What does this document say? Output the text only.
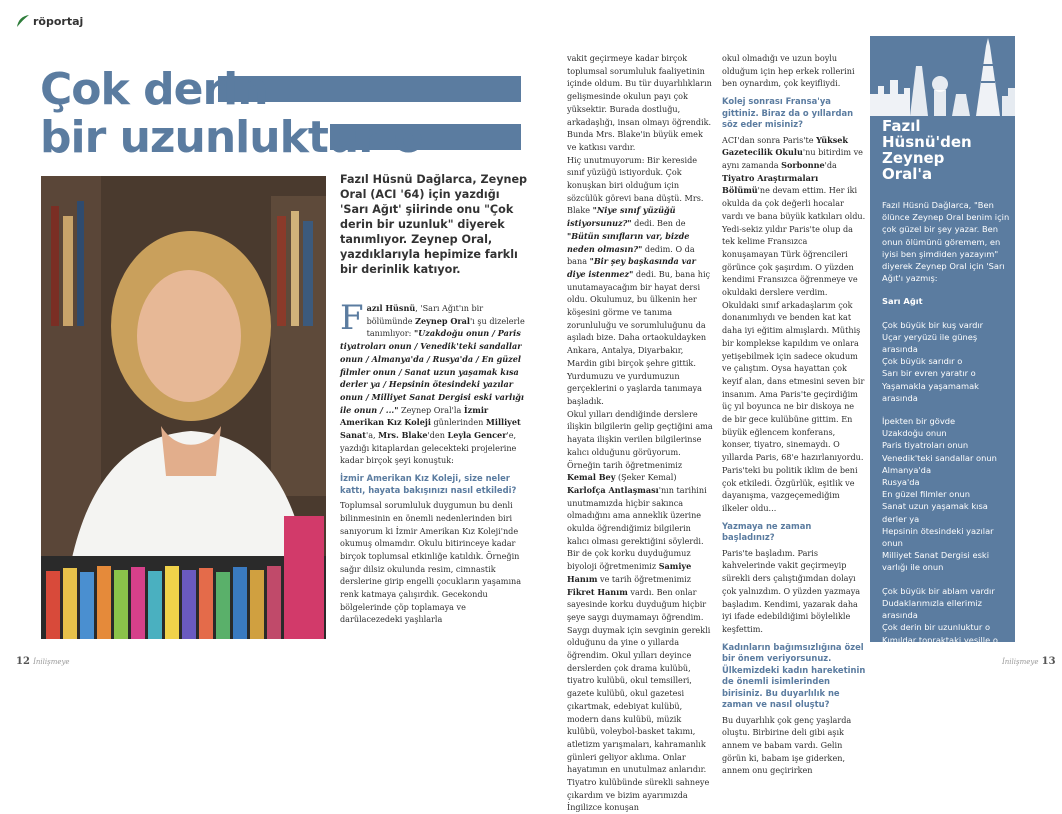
röportaj
Çok derin
bir uzunluktur o
Fazıl Hüsnü Dağlarca, Zeynep Oral (ACI '64) için yazdığı 'Sarı Ağıt' şiirinde onu "Çok derin bir uzunluk" diyerek tanımlıyor. Zeynep Oral, yazdıklarıyla hepimize farklı bir derinlik katıyor.

Fazıl Hüsnü, 'Sarı Ağıt'ın bir bölümünde Zeynep Oral'ı şu dizelerle tanımlıyor: "Uzakdoğu onun / Paris tiyatroları onun / Venedik'teki sandallar onun / Almanya'da / Rusya'da / En güzel filmler onun / Sanat uzun yaşamak kısa derler ya / Hepsinin ötesindeki yazılar onun / Milliyet Sanat Dergisi eski varlığı ile onun / ..." Zeynep Oral'la İzmir Amerikan Kız Koleji günlerinden Milliyet Sanat'a, Mrs. Blake'den Leyla Gencer'e, yazdığı kitaplardan gelecekteki projelerine kadar birçok şeyi konuştuk:

İzmir Amerikan Kız Koleji, size neler kattı, hayata bakışınızı nasıl etkiledi?

Toplumsal sorumluluk duygumun bu denli bilinmesinin en önemli nedenlerinden biri sanıyorum ki İzmir Amerikan Kız Koleji'nde okumuş olmamdır. Okulu bitirinceye kadar birçok toplumsal etkinliğe katıldık. Örneğin sağır dilsiz okulunda resim, cimnastik derslerine girip engelli çocukların yaşamına renk katmaya çalışırdık. Gecekondu bölgelerinde çöp toplamaya ve darülacezedeki yaşlılarla

vakit geçirmeye kadar birçok toplumsal sorumluluk faaliyetinin içinde oldum. Bu tür duyarlılıkların gelişmesinde okulun payı çok yüksektir. Burada dostluğu, arkadaşlığı, insan olmayı öğrendik. Bunda Mrs. Blake'in büyük emek ve katkısı vardır.

Hiç unutmuyorum: Bir kereside sınıf yüzüğü istiyorduk. Çok konuşkan biri olduğum için sözcülük görevi bana düştü. Mrs. Blake "Niye sınıf yüzüğü istiyorsunuz?" dedi. Ben de "Bütün sınıfların var, bizde neden olmasın?" dedim. O da bana "Bir şey başkasında var diye istenmez" dedi. Bu, bana hiç unutamayacağım bir hayat dersi oldu. Okulumuz, bu ülkenin her köşesini görme ve tanıma zorunluluğu ve sorumluluğunu da aşıladı bize. Daha ortaokuldayken Ankara, Antalya, Diyarbakır, Mardin gibi birçok şehre gittik. Yurdumuzu ve yurdumuzun gerçeklerini o yaşlarda tanımaya başladık.

Okul yılları dendiğinde derslere ilişkin bilgilerin gelip geçtiğini ama hayata ilişkin verilen bilgilerinse kalıcı olduğunu görüyorum. Örneğin tarih öğretmenimiz Kemal Bey (Şeker Kemal) Karlofça Antlaşması'nın tarihini unutmamızda hiçbir sakınca olmadığını ama anneklik üzerine okulda öğrendiğimiz bilgilerin kalıcı olması gerektiğini söylerdi. Bir de çok korku duyduğumuz biyoloji öğretmenimiz Samiye Hanım ve tarih öğretmenimiz Fikret Hanım vardı. Ben onlar sayesinde korku duyduğum hiçbir şeye saygı duymamayı öğrendim. Saygı duymak için sevginin gerekli olduğunu da yine o yıllarda öğrendim. Okul yılları deyince derslerden çok drama kulübü, tiyatro kulübü, okul temsilleri, gazete kulübü, okul gazetesi çıkartmak, edebiyat kulübü, modern dans kulübü, müzik kulübü, voleybol-basket takımı, atletizm yarışmaları, kahramanlık günleri geliyor aklıma. Onlar hayatımın en unutulmaz anlarıdır. Tiyatro kulübünde sürekli sahneye çıkardım ve bizim ayarımızda İngilizce konuşan

okul olmadığı ve uzun boylu olduğum için hep erkek rollerini ben oynardım, çok keyifliydi.

Kolej sonrası Fransa'ya gittiniz. Biraz da o yıllardan söz eder misiniz?

ACI'dan sonra Paris'te Yüksek Gazetecilik Okulu'nu bitirdim ve aynı zamanda Sorbonne'da Tiyatro Araştırmaları Bölümü'ne devam ettim. Her iki okulda da çok değerli hocalar vardı ve bana büyük katkıları oldu. Yedi-sekiz yıldır Paris'te olup da tek kelime Fransızca konuşamayan Türk öğrencileri görünce çok şaşırdım. O yüzden kendimi Fransızca öğrenmeye ve okuldaki derslere verdim. Okuldaki sınıf arkadaşlarım çok donanımlıydı ve benden kat kat daha iyi eğitim almışlardı. Müthiş bir komplekse kapıldım ve onlara yetişebilmek için sadece okudum ve çalıştım. Oysa hayattan çok keyif alan, dans etmesini seven bir insanım. Ama Paris'te geçirdiğim üç yıl boyunca ne bir diskoya ne de bir gece kulübüne gittim. En büyük eğlencem konferans, konser, tiyatro, sinemaydı. O yıllarda Paris, 68'e hazırlanıyordu. Paris'teki bu politik iklim de beni çok etkiledi. Özgürlük, eşitlik ve dayanışma, vazgeçemediğim ilkeler oldu...

Yazmaya ne zaman başladınız?

Paris'te başladım. Paris kahvelerinde vakit geçirmeyip sürekli ders çalıştığımdan dolayı çok yalnızdım. O yüzden yazmaya başladım. Kendimi, yazarak daha iyi ifade edebildiğimi böylelikle keşfettim.

Kadınların bağımsızlığına özel bir önem veriyorsunuz. Ülkemizdeki kadın hareketinin de önemli isimlerinden birisiniz. Bu duyarlılık ne zaman ve nasıl oluştu?

Bu duyarlılık çok genç yaşlarda oluştu. Birbirine deli gibi aşık annem ve babam vardı. Gelin görün ki, babam işe giderken, annem onu geçirirken

Fazıl
Hüsnü'den
Zeynep
Oral'a

Fazıl Hüsnü Dağlarca, "Ben ölünce Zeynep Oral benim için çok güzel bir şey yazar. Ben onun ölümünü göremem, en iyisi ben şimdiden yazayım" diyerek Zeynep Oral için 'Sarı Ağıt'ı yazmış:

Sarı Ağıt

Çok büyük bir kuş vardır
Uçar yeryüzü ile güneş arasında
Çok büyük sarıdır o
Sarı bir evren yaratır o
Yaşamakla yaşamamak arasında
İpekten bir gövde
Uzakdoğu onun
Paris tiyatroları onun
Venedik'teki sandallar onun
Almanya'da
Rusya'da
En güzel filmler onun
Sanat uzun yaşamak kısa derler ya
Hepsinin ötesindeki yazılar onun
Milliyet Sanat Dergisi eski varlığı ile onun
Çok büyük bir ablam vardır
Dudaklarımızla ellerimiz arasında
Çok derin bir uzunluktur o
Kımıldar topraktaki yeşille o
Sarı sözcüklerimiz sarı güller arasında
Zeynep Oral'la Zeynep Oral arasında
Sarı saçlarından geçerdi ölmek
Hayır ölmezdi ki o geçerdi.
12 İnilişmeye	İnilişmeye 13
